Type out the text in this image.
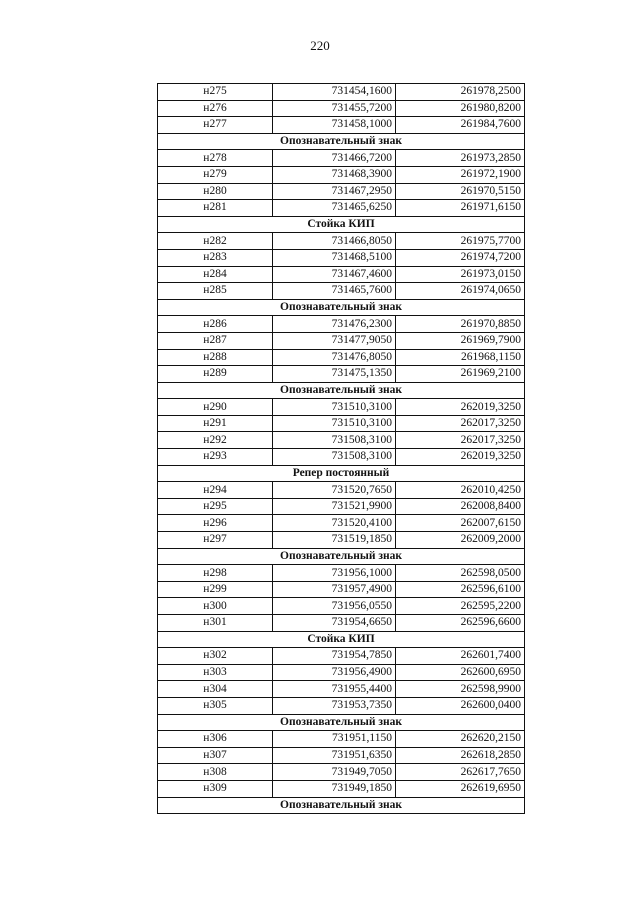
220
н275	731454,1600	261978,2500
н276	731455,7200	261980,8200
н277	731458,1000	261984,7600
Опознавательный знак		
н278	731466,7200	261973,2850
н279	731468,3900	261972,1900
н280	731467,2950	261970,5150
н281	731465,6250	261971,6150
Стойка КИП		
н282	731466,8050	261975,7700
н283	731468,5100	261974,7200
н284	731467,4600	261973,0150
н285	731465,7600	261974,0650
Опознавательный знак		
н286	731476,2300	261970,8850
н287	731477,9050	261969,7900
н288	731476,8050	261968,1150
н289	731475,1350	261969,2100
Опознавательный знак		
н290	731510,3100	262019,3250
н291	731510,3100	262017,3250
н292	731508,3100	262017,3250
н293	731508,3100	262019,3250
Репер постоянный		
н294	731520,7650	262010,4250
н295	731521,9900	262008,8400
н296	731520,4100	262007,6150
н297	731519,1850	262009,2000
Опознавательный знак		
н298	731956,1000	262598,0500
н299	731957,4900	262596,6100
н300	731956,0550	262595,2200
н301	731954,6650	262596,6600
Стойка КИП		
н302	731954,7850	262601,7400
н303	731956,4900	262600,6950
н304	731955,4400	262598,9900
н305	731953,7350	262600,0400
Опознавательный знак		
н306	731951,1150	262620,2150
н307	731951,6350	262618,2850
н308	731949,7050	262617,7650
н309	731949,1850	262619,6950
Опознавательный знак		
